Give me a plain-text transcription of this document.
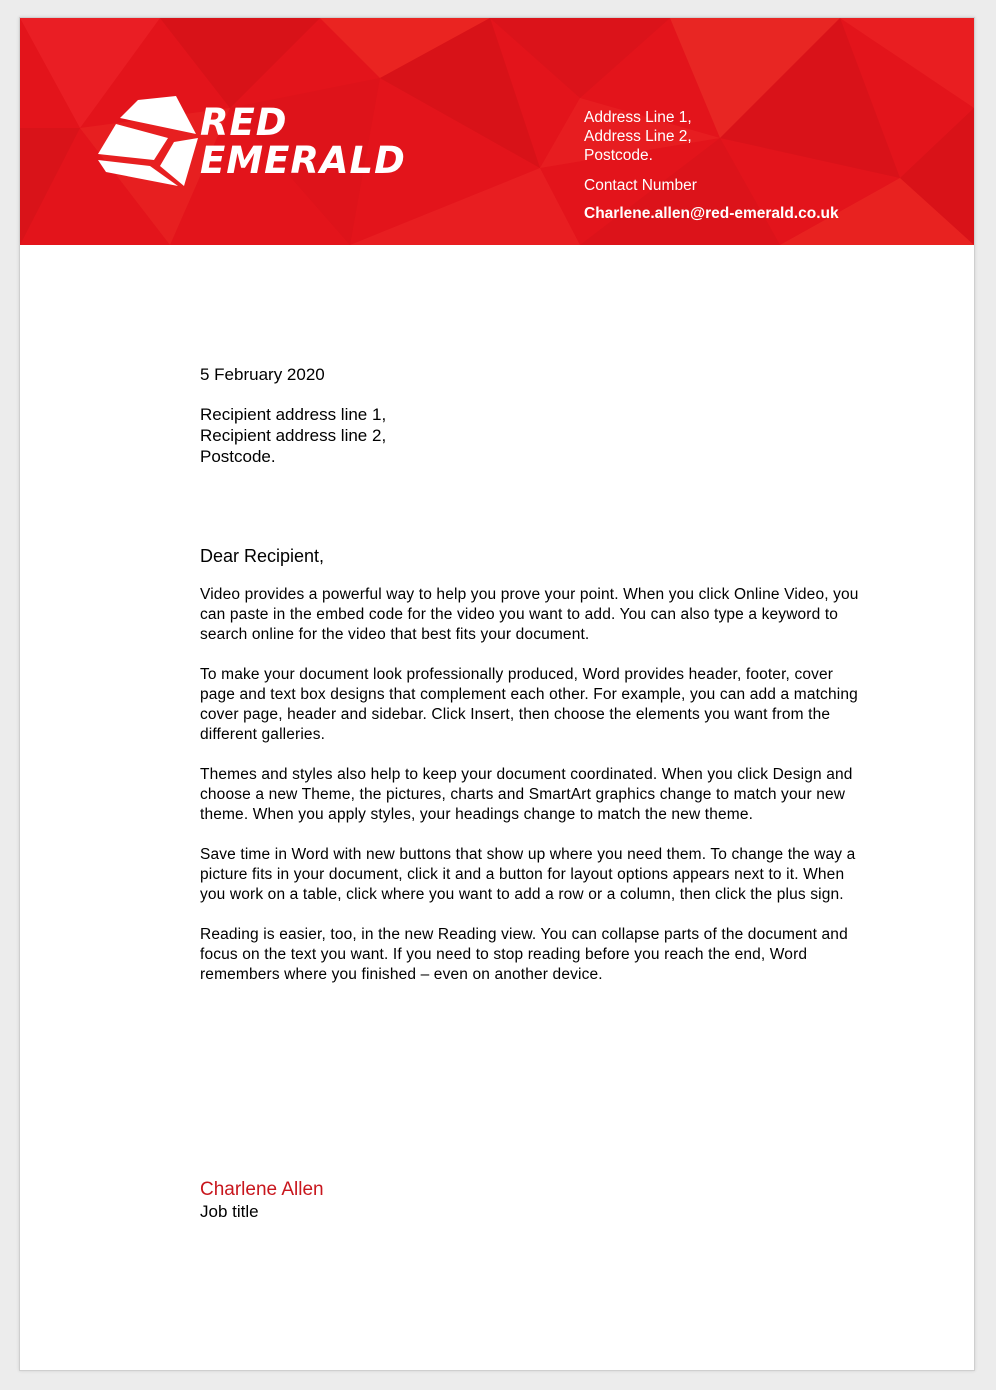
RED
EMERALD
Address Line 1,
Address Line 2,
Postcode.
Contact Number
Charlene.allen@red-emerald.co.uk
5 February 2020
Recipient address line 1,
Recipient address line 2,
Postcode.
Dear Recipient,

Video provides a powerful way to help you prove your point. When you click Online Video, you can paste in the embed code for the video you want to add. You can also type a keyword to search online for the video that best fits your document.

To make your document look professionally produced, Word provides header, footer, cover page and text box designs that complement each other. For example, you can add a matching cover page, header and sidebar. Click Insert, then choose the elements you want from the different galleries.

Themes and styles also help to keep your document coordinated. When you click Design and choose a new Theme, the pictures, charts and SmartArt graphics change to match your new theme. When you apply styles, your headings change to match the new theme.

Save time in Word with new buttons that show up where you need them. To change the way a picture fits in your document, click it and a button for layout options appears next to it. When you work on a table, click where you want to add a row or a column, then click the plus sign.

Reading is easier, too, in the new Reading view. You can collapse parts of the document and focus on the text you want. If you need to stop reading before you reach the end, Word remembers where you finished – even on another device.

Charlene Allen
Job title
